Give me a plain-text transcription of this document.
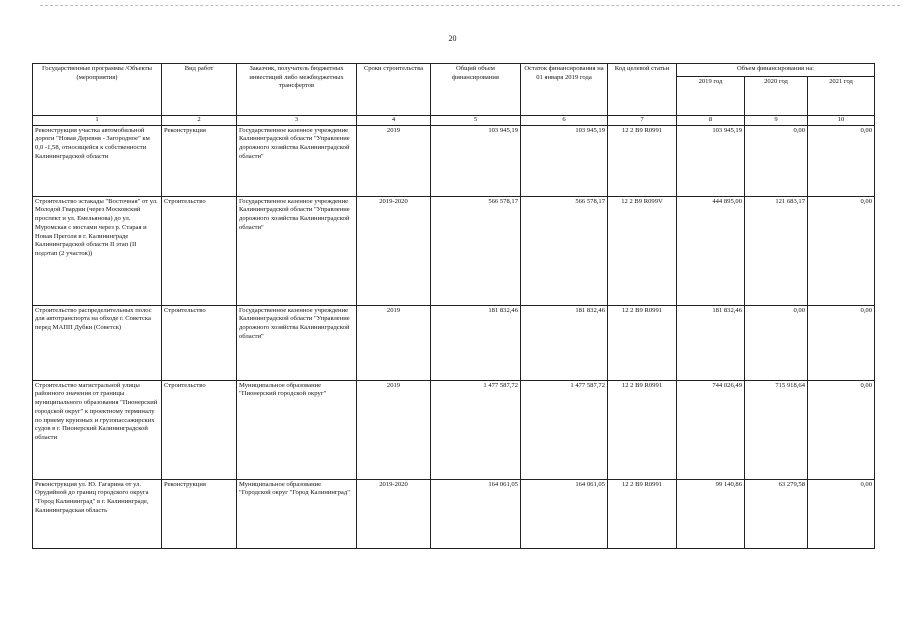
20
Государственные программы /Объекты (мероприятия)	Вид работ	Заказчик, получатель бюджетных инвестиций либо межбюджетных трансфертов	Сроки строительства	Общий объем финансирования	Остаток финансирования на 01 января 2019 года	Код целевой статьи	Объем финансирования на:		
							2019 год	2020 год	2021 год
1	2	3	4	5	6	7	8	9	10
Реконструкция участка автомобильной дороги "Новая Деревня - Загородное" км 0,0 -1,58, относящейся к собственности Калининградской области	Реконструкция	Государственное казенное учреждение Калининградской области "Управление дорожного хозяйства Калининградской области"	2019	103 945,19	103 945,19	12 2 B9 R0991	103 945,19	0,00	0,00
Строительство эстакады "Восточная" от ул. Молодой Гвардии (через Московский проспект и ул. Емельянова) до ул. Муромская с мостами через р. Старая и Новая Преголя в г. Калининграде Калининградской области II этап (II подэтап (2 участок))	Строительство	Государственное казенное учреждение Калининградской области "Управление дорожного хозяйства Калининградской области"	2019-2020	566 578,17	566 578,17	12 2 B9 R099V	444 895,00	121 683,17	0,00
Строительство распределительных полос для автотранспорта на обходе г. Советска перед МАПП Дубки (Советск)	Строительство	Государственное казенное учреждение Калининградской области "Управление дорожного хозяйства Калининградской области"	2019	181 832,46	181 832,46	12 2 B9 R0991	181 832,46	0,00	0,00
Строительство магистральной улицы районного значения от границы муниципального образования "Пионерский городской округ" к проектному терминалу по приему круизных и грузопассажирских судов в г. Пионерский Калининградской области	Строительство	Муниципальное образование "Пионерский городской округ"	2019	1 477 587,72	1 477 587,72	12 2 B9 R0991	744 026,49	715 918,64	0,00
Реконструкция ул. Ю. Гагарина от ул. Орудийной до границ городского округа "Город Калининград" в г. Калининграде, Калининградская область	Реконструкция	Муниципальное образование "Городской округ "Город Калининград"	2019-2020	164 061,05	164 061,05	12 2 B9 R0991	99 140,86	63 279,58	0,00
